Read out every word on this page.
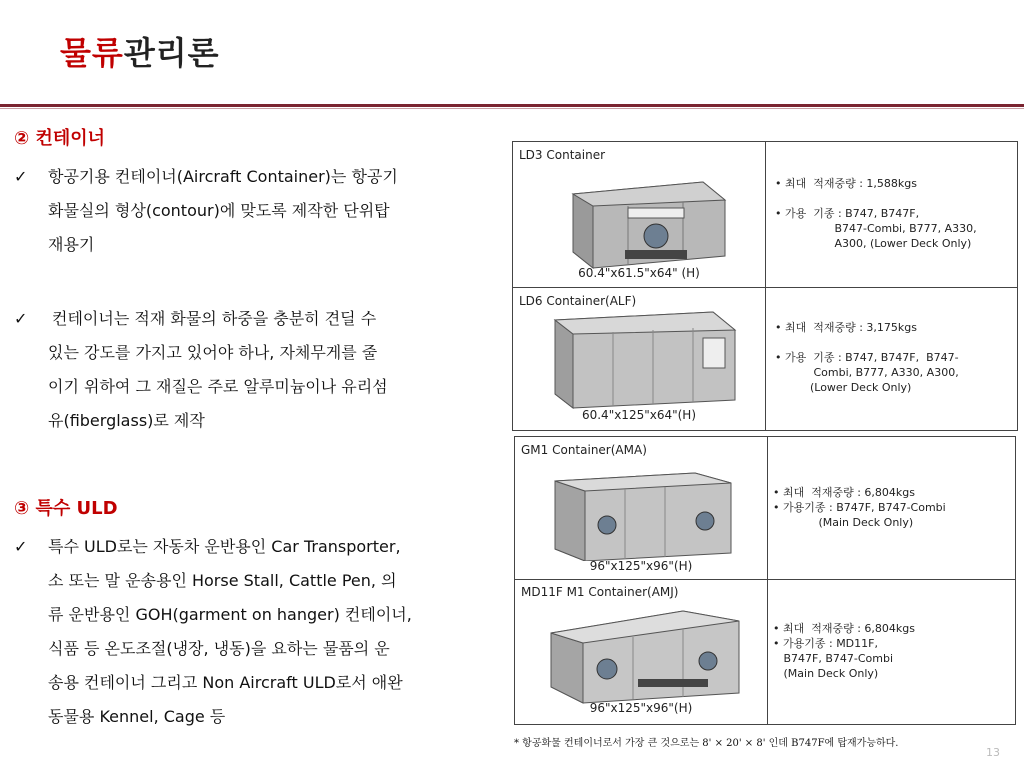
물류관리론
② 컨테이너
✓	항공기용 컨테이너(Aircraft Container)는 항공기
화물실의 형상(contour)에 맞도록 제작한 단위탑
재용기
✓	컨테이너는 적재 화물의 하중을 충분히 견딜 수
있는 강도를 가지고 있어야 하나, 자체무게를 줄
이기 위하여 그 재질은 주로 알루미늄이나 유리섬
유(fiberglass)로 제작
③ 특수 ULD
✓	특수 ULD로는 자동차 운반용인 Car Transporter,
소 또는 말 운송용인 Horse Stall, Cattle Pen, 의
류 운반용인 GOH(garment on hanger) 컨테이너,
식품 등 온도조절(냉장, 냉동)을 요하는 물품의 운
송용 컨테이너 그리고 Non Aircraft ULD로서 애완
동물용 Kennel, Cage 등
LD3 Container
60.4"x61.5"x64" (H)
• 최대  적재중량 : 1,588kgs

• 가용  기종 : B747, B747F,
B747-Combi, B777, A330,
A300, (Lower Deck Only)
LD6 Container(ALF)
60.4"x125"x64"(H)
• 최대  적재중량 : 3,175kgs

• 가용  기종 : B747, B747F,  B747-
Combi, B777, A330, A300,
(Lower Deck Only)
GM1 Container(AMA)
96"x125"x96"(H)
• 최대  적재중량 : 6,804kgs
• 가용기종 : B747F, B747-Combi
(Main Deck Only)
MD11F M1 Container(AMJ)
96"x125"x96"(H)
• 최대  적재중량 : 6,804kgs
• 가용기종 : MD11F,
B747F, B747-Combi
(Main Deck Only)
* 항공화물 컨테이너로서 가장 큰 것으로는 8' × 20' × 8' 인데 B747F에 탑재가능하다.
13
